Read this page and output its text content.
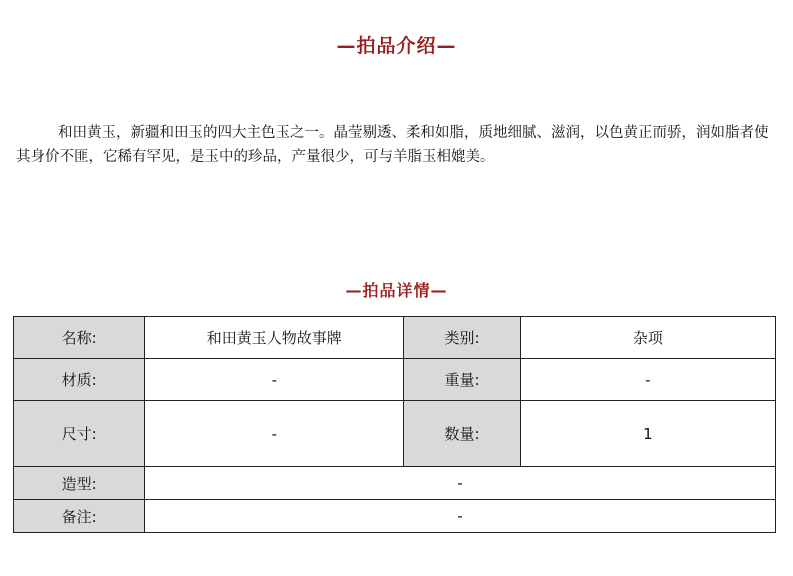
—拍品介绍—

和田黄玉，新疆和田玉的四大主色玉之一。晶莹剔透、柔和如脂，质地细腻、滋润，以色黄正而骄，润如脂者使其身价不匪，它稀有罕见，是玉中的珍品，产量很少，可与羊脂玉相媲美。

—拍品详情—
名称:	和田黄玉人物故事牌	类别:	杂项
材质:	-	重量:	-
尺寸:	-	数量:	1
造型:	-		
备注:	-		
